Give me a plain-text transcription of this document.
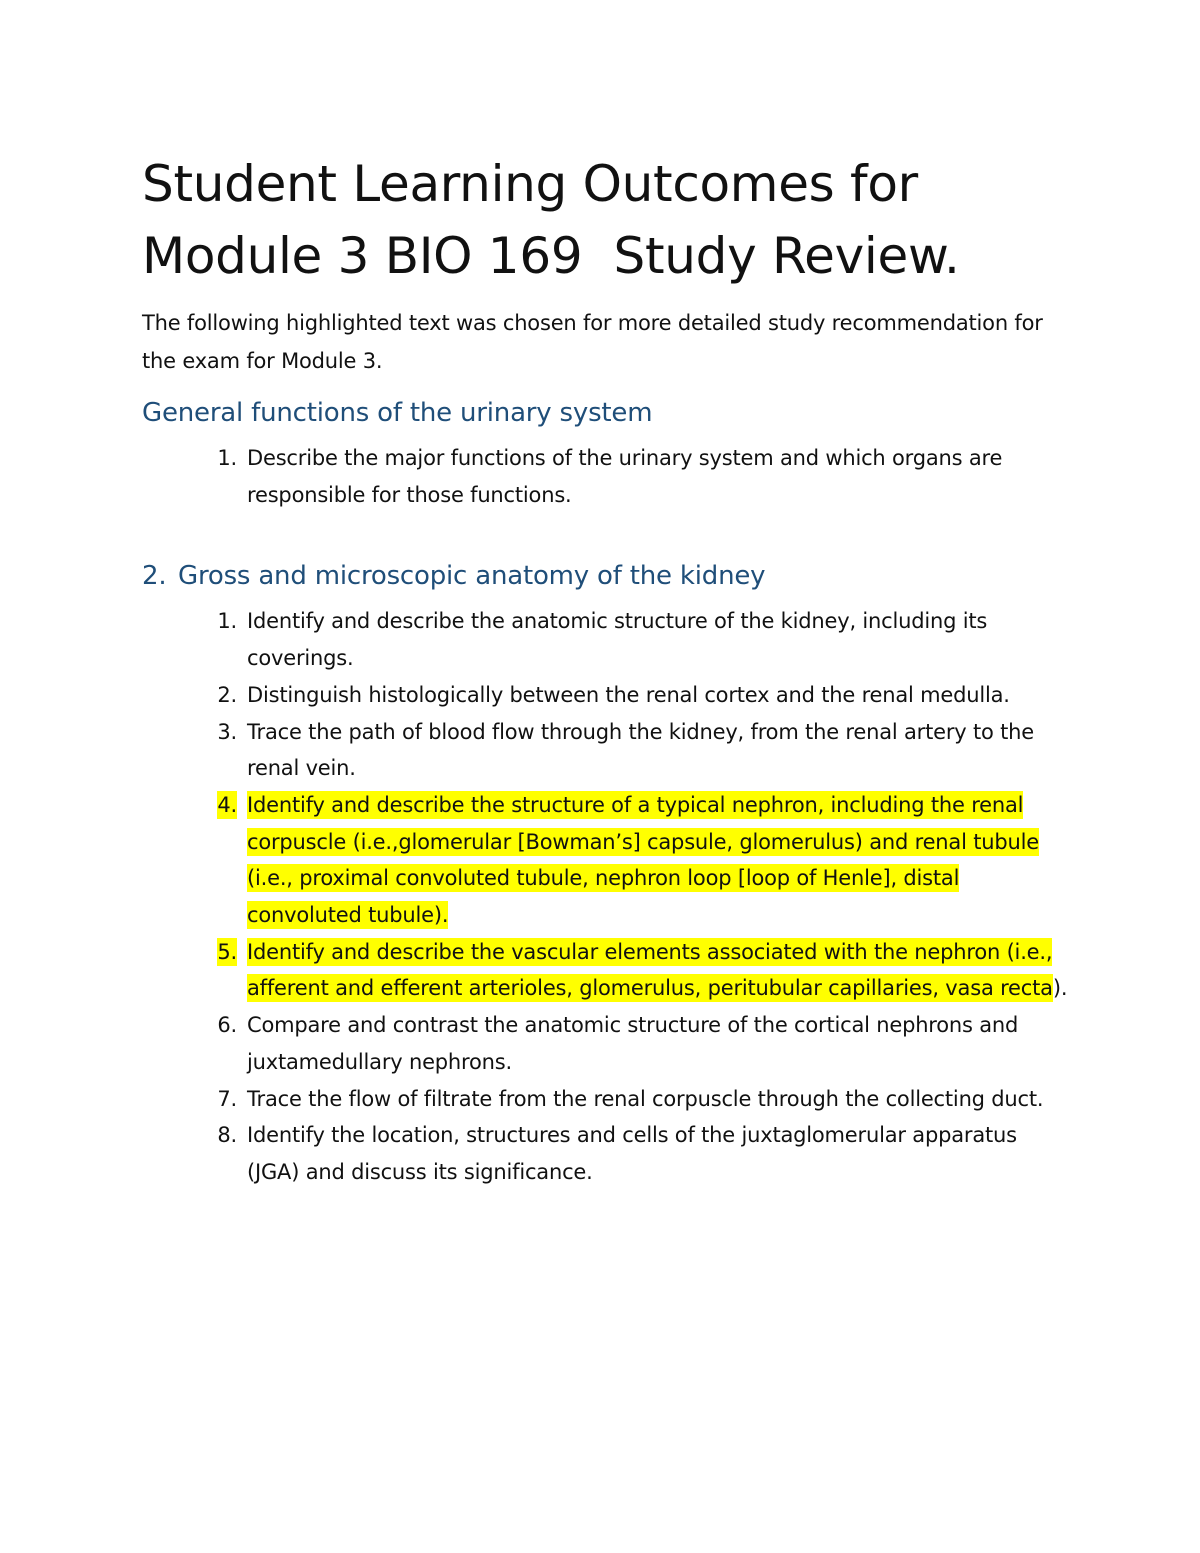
Student Learning Outcomes for
Module 3 BIO 169  Study Review.

The following highlighted text was chosen for more detailed study recommendation for the exam for Module 3.

General functions of the urinary system
1. Describe the major functions of the urinary system and which organs are responsible for those functions.
2. Gross and microscopic anatomy of the kidney
1. Identify and describe the anatomic structure of the kidney, including its coverings.
2. Distinguish histologically between the renal cortex and the renal medulla.
3. Trace the path of blood flow through the kidney, from the renal artery to the renal vein.
4. Identify and describe the structure of a typical nephron, including the renal corpuscle (i.e.,glomerular [Bowman’s] capsule, glomerulus) and renal tubule (i.e., proximal convoluted tubule, nephron loop [loop of Henle], distal convoluted tubule).
5. Identify and describe the vascular elements associated with the nephron (i.e., afferent and efferent arterioles, glomerulus, peritubular capillaries, vasa recta).
6. Compare and contrast the anatomic structure of the cortical nephrons and juxtamedullary nephrons.
7. Trace the flow of filtrate from the renal corpuscle through the collecting duct.
8. Identify the location, structures and cells of the juxtaglomerular apparatus (JGA) and discuss its significance.
